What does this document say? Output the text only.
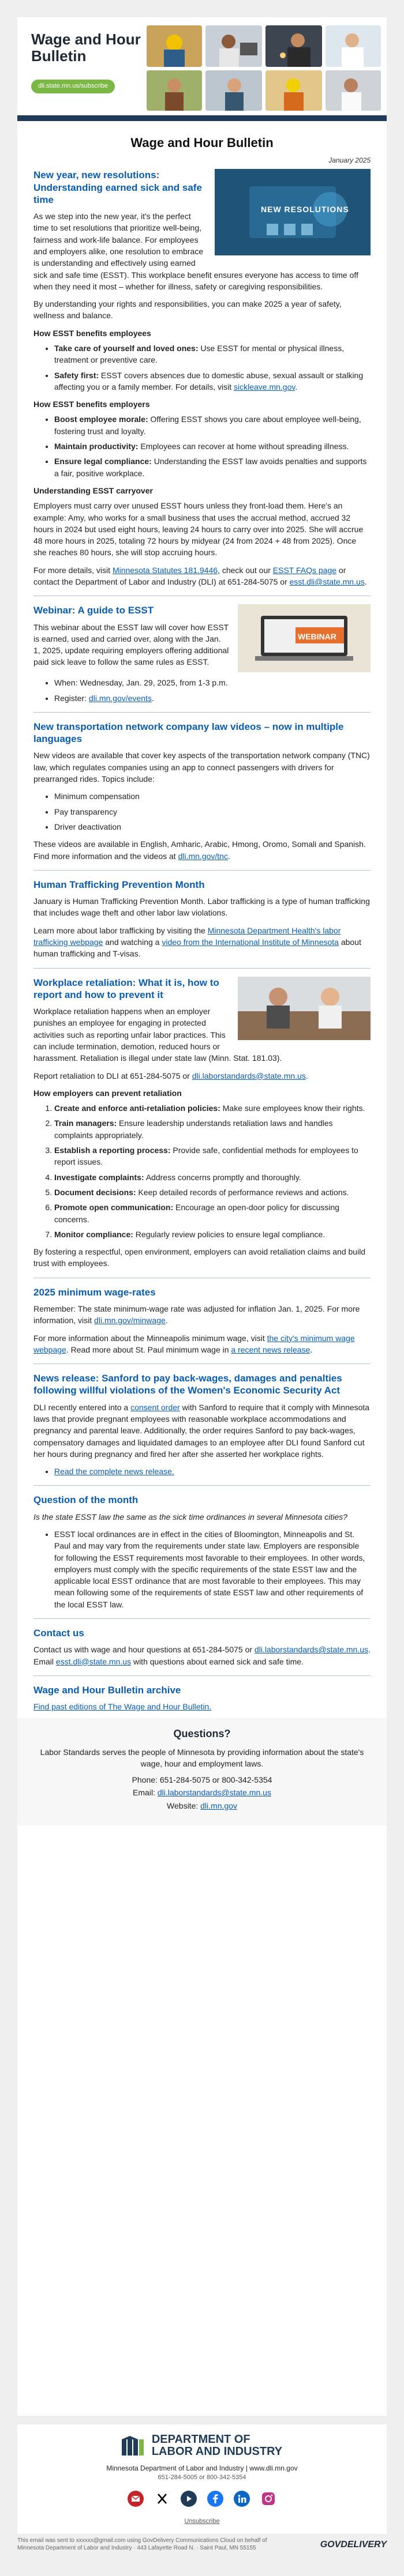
Wage and Hour Bulletin
dli.state.mn.us/subscribe
Wage and Hour Bulletin
January 2025
NEW RESOLUTIONS
New year, new resolutions: Understanding earned sick and safe time

As we step into the new year, it's the perfect time to set resolutions that prioritize well-being, fairness and work-life balance. For employees and employers alike, one resolution to embrace is understanding and effectively using earned sick and safe time (ESST). This workplace benefit ensures everyone has access to time off when they need it most – whether for illness, safety or caregiving responsibilities.

By understanding your rights and responsibilities, you can make 2025 a year of safety, wellness and balance.

How ESST benefits employees
• Take care of yourself and loved ones: Use ESST for mental or physical illness, treatment or preventive care.
• Safety first: ESST covers absences due to domestic abuse, sexual assault or stalking affecting you or a family member. For details, visit sickleave.mn.gov.
How ESST benefits employers
• Boost employee morale: Offering ESST shows you care about employee well-being, fostering trust and loyalty.
• Maintain productivity: Employees can recover at home without spreading illness.
• Ensure legal compliance: Understanding the ESST law avoids penalties and supports a fair, positive workplace.
Understanding ESST carryover

Employers must carry over unused ESST hours unless they front-load them. Here's an example: Amy, who works for a small business that uses the accrual method, accrued 32 hours in 2024 but used eight hours, leaving 24 hours to carry over into 2025. She will accrue 48 more hours in 2025, totaling 72 hours by midyear (24 from 2024 + 48 from 2025). Once she reaches 80 hours, she will stop accruing hours.

For more details, visit Minnesota Statutes 181.9446, check out our ESST FAQs page or contact the Department of Labor and Industry (DLI) at 651-284-5075 or esst.dli@state.mn.us.

WEBINAR
Webinar: A guide to ESST

This webinar about the ESST law will cover how ESST is earned, used and carried over, along with the Jan. 1, 2025, update requiring employers offering additional paid sick leave to follow the same rules as ESST.

• When: Wednesday, Jan. 29, 2025, from 1-3 p.m.
• Register: dli.mn.gov/events.
New transportation network company law videos – now in multiple languages

New videos are available that cover key aspects of the transportation network company (TNC) law, which regulates companies using an app to connect passengers with drivers for prearranged rides. Topics include:

• Minimum compensation
• Pay transparency
• Driver deactivation

These videos are available in English, Amharic, Arabic, Hmong, Oromo, Somali and Spanish. Find more information and the videos at dli.mn.gov/tnc.

Human Trafficking Prevention Month

January is Human Trafficking Prevention Month. Labor trafficking is a type of human trafficking that includes wage theft and other labor law violations.

Learn more about labor trafficking by visiting the Minnesota Department Health's labor trafficking webpage and watching a video from the International Institute of Minnesota about human trafficking and T-visas.

Workplace retaliation: What it is, how to report and how to prevent it

Workplace retaliation happens when an employer punishes an employee for engaging in protected activities such as reporting unfair labor practices. This can include termination, demotion, reduced hours or harassment. Retaliation is illegal under state law (Minn. Stat. 181.03).

Report retaliation to DLI at 651-284-5075 or dli.laborstandards@state.mn.us.

How employers can prevent retaliation
1. Create and enforce anti-retaliation policies: Make sure employees know their rights.
2. Train managers: Ensure leadership understands retaliation laws and handles complaints appropriately.
3. Establish a reporting process: Provide safe, confidential methods for employees to report issues.
4. Investigate complaints: Address concerns promptly and thoroughly.
5. Document decisions: Keep detailed records of performance reviews and actions.
6. Promote open communication: Encourage an open-door policy for discussing concerns.
7. Monitor compliance: Regularly review policies to ensure legal compliance.

By fostering a respectful, open environment, employers can avoid retaliation claims and build trust with employees.

2025 minimum wage-rates

Remember: The state minimum-wage rate was adjusted for inflation Jan. 1, 2025. For more information, visit dli.mn.gov/minwage.

For more information about the Minneapolis minimum wage, visit the city's minimum wage webpage. Read more about St. Paul minimum wage in a recent news release.

News release: Sanford to pay back-wages, damages and penalties following willful violations of the Women's Economic Security Act

DLI recently entered into a consent order with Sanford to require that it comply with Minnesota laws that provide pregnant employees with reasonable workplace accommodations and pregnancy and parental leave. Additionally, the order requires Sanford to pay back-wages, compensatory damages and liquidated damages to an employee after DLI found Sanford cut her hours during pregnancy and fired her after she asserted her workplace rights.

• Read the complete news release.
Question of the month

Is the state ESST law the same as the sick time ordinances in several Minnesota cities?

• ESST local ordinances are in effect in the cities of Bloomington, Minneapolis and St. Paul and may vary from the requirements under state law. Employers are responsible for following the ESST requirements most favorable to their employees. In other words, employers must comply with the specific requirements of the state ESST law and the applicable local ESST ordinance that are most favorable to their employees. This may mean following some of the requirements of state ESST law and other requirements of the local ESST law.
Contact us

Contact us with wage and hour questions at 651-284-5075 or dli.laborstandards@state.mn.us. Email esst.dli@state.mn.us with questions about earned sick and safe time.

Wage and Hour Bulletin archive

Find past editions of The Wage and Hour Bulletin.

Questions?

Labor Standards serves the people of Minnesota by providing information about the state's wage, hour and employment laws.

Phone: 651-284-5075 or 800-342-5354

Email: dli.laborstandards@state.mn.us

Website: dli.mn.gov

DEPARTMENT OF
LABOR AND INDUSTRY
Minnesota Department of Labor and Industry | www.dli.mn.gov
651-284-5005 or 800-342-5354
Unsubscribe
This email was sent to xxxxxx@gmail.com using GovDelivery Communications Cloud on behalf of Minnesota Department of Labor and Industry · 443 Lafayette Road N. · Saint Paul, MN 55155	GOVDELIVERY
